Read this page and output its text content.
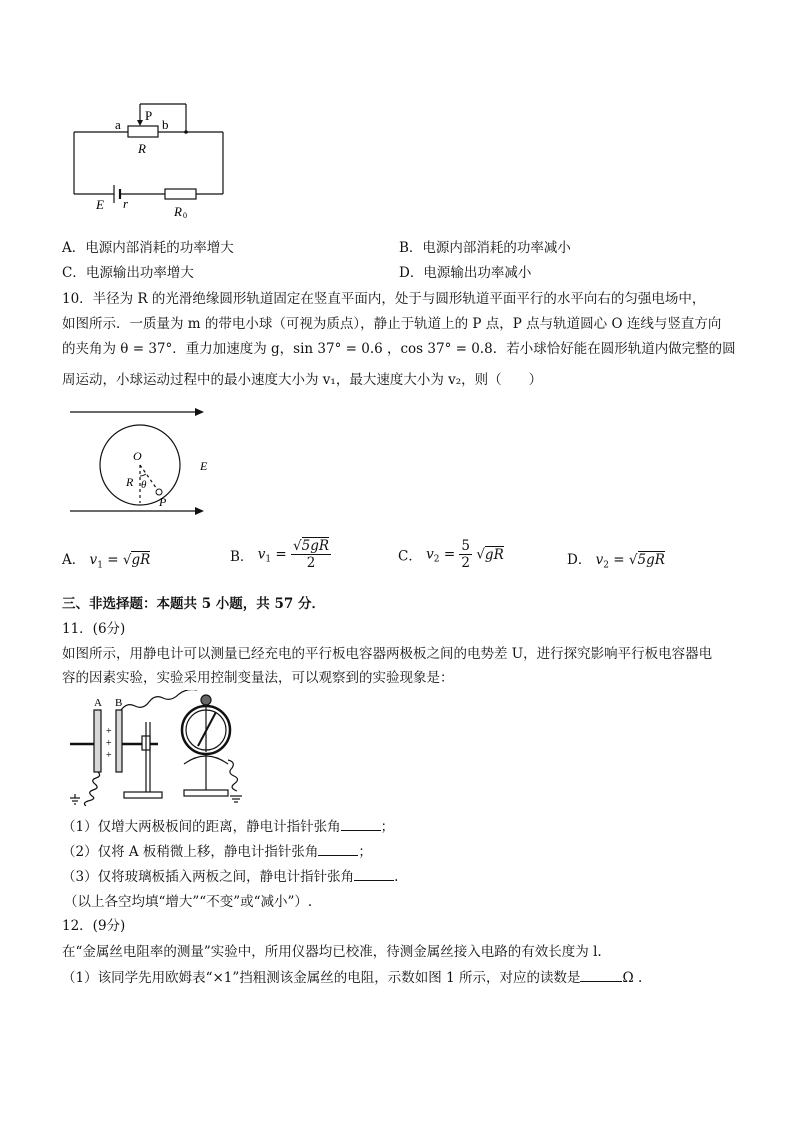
a
P
b
R
E r
R 0
A．电源内部消耗的功率增大	B．电源内部消耗的功率减小
C．电源输出功率增大	D．电源输出功率减小
10．半径为 R 的光滑绝缘圆形轨道固定在竖直平面内，处于与圆形轨道平面平行的水平向右的匀强电场中，
如图所示．一质量为 m 的带电小球（可视为质点），静止于轨道上的 P 点，P 点与轨道圆心 O 连线与竖直方向
的夹角为 θ = 37°．重力加速度为 g，sin 37° = 0.6 ，cos 37° = 0.8．若小球恰好能在圆形轨道内做完整的圆
周运动，小球运动过程中的最小速度大小为 v₁，最大速度大小为 v₂，则（　　）
O
R θ
P
E
A． $v_1 = √gR$	B． $v_1 = \frac{√5gR}{2}$	C． $v_2 = \frac{5}{2} √gR$	D． $v_2 = √5gR$
三、非选择题：本题共 5 小题，共 57 分．
11．(6分)
如图所示，用静电计可以测量已经充电的平行板电容器两极板之间的电势差 U，进行探究影响平行板电容器电
容的因素实验，实验采用控制变量法，可以观察到的实验现象是：
+
+
+
A B
（1）仅增大两极板间的距离，静电计指针张角	；
（2）仅将 A 板稍微上移，静电计指针张角	；
（3）仅将玻璃板插入两板之间，静电计指针张角	.
（以上各空均填“增大”“不变”或“减小”）.
12．(9分)
在“金属丝电阻率的测量”实验中，所用仪器均已校准，待测金属丝接入电路的有效长度为 l.
（1）该同学先用欧姆表“×1”挡粗测该金属丝的电阻，示数如图 1 所示，对应的读数是	Ω .
